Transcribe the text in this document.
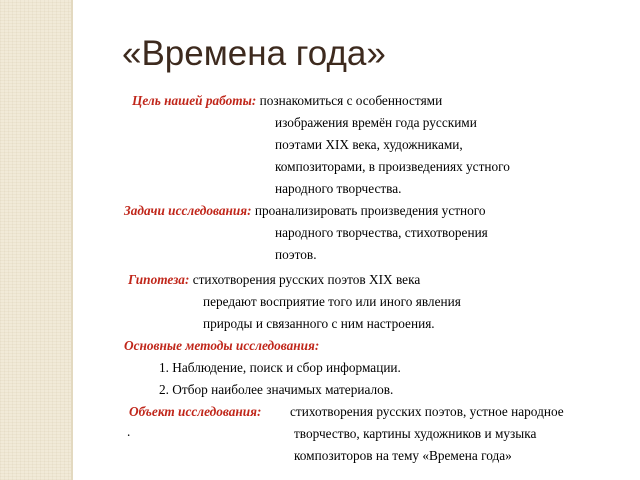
«Времена года»
Цель нашей работы: познакомиться с особенностями
изображения времён года русскими
поэтами XIX века, художниками,
композиторами, в произведениях устного
народного творчества.
Задачи исследования: проанализировать произведения устного
народного творчества, стихотворения
поэтов.
Гипотеза: стихотворения русских поэтов XIX века
передают восприятие того или иного явления
природы и связанного с ним настроения.
Основные методы исследования:
1. Наблюдение, поиск и сбор информации.
2. Отбор наиболее значимых материалов.
Объект исследования: стихотворения русских поэтов, устное народное
.	творчество, картины художников и музыка
композиторов на тему «Времена года»
